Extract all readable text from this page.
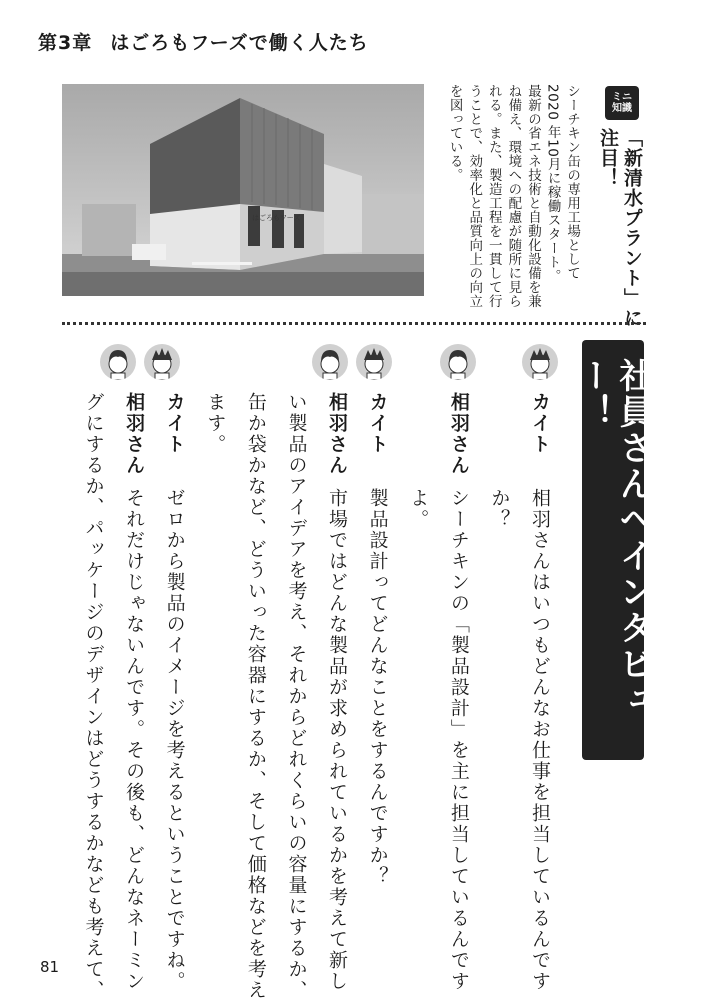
第3章 はごろもフーズで働く人たち
はごろもフーズ
ミニ
知識
「新清水プラント」に注目！
シーチキン缶の専用工場として
2020 年10月に稼働スタート。
最新の省エネ技術と自動化設備を兼
ね備え、環境への配慮が随所に見ら
れる。また、製造工程を一貫して行
うことで、効率化と品質向上の向立
を図っている。
社員さんへインタビュー！
カイト相羽さんはいつもどんなお仕事を担当しているんです
か？
相羽さんシーチキンの「製品設計」を主に担当しているんです
よ。
カイト製品設計ってどんなことをするんですか？
相羽さん市場ではどんな製品が求められているかを考えて新し
い製品のアイデアを考え、それからどれくらいの容量にするか、
缶か袋かなど、どういった容器にするか、そして価格などを考え
ます。
カイトゼロから製品のイメージを考えるということですね。
相羽さんそれだけじゃないんです。その後も、どんなネーミン
グにするか、パッケージのデザインはどうするかなども考えて、
81
